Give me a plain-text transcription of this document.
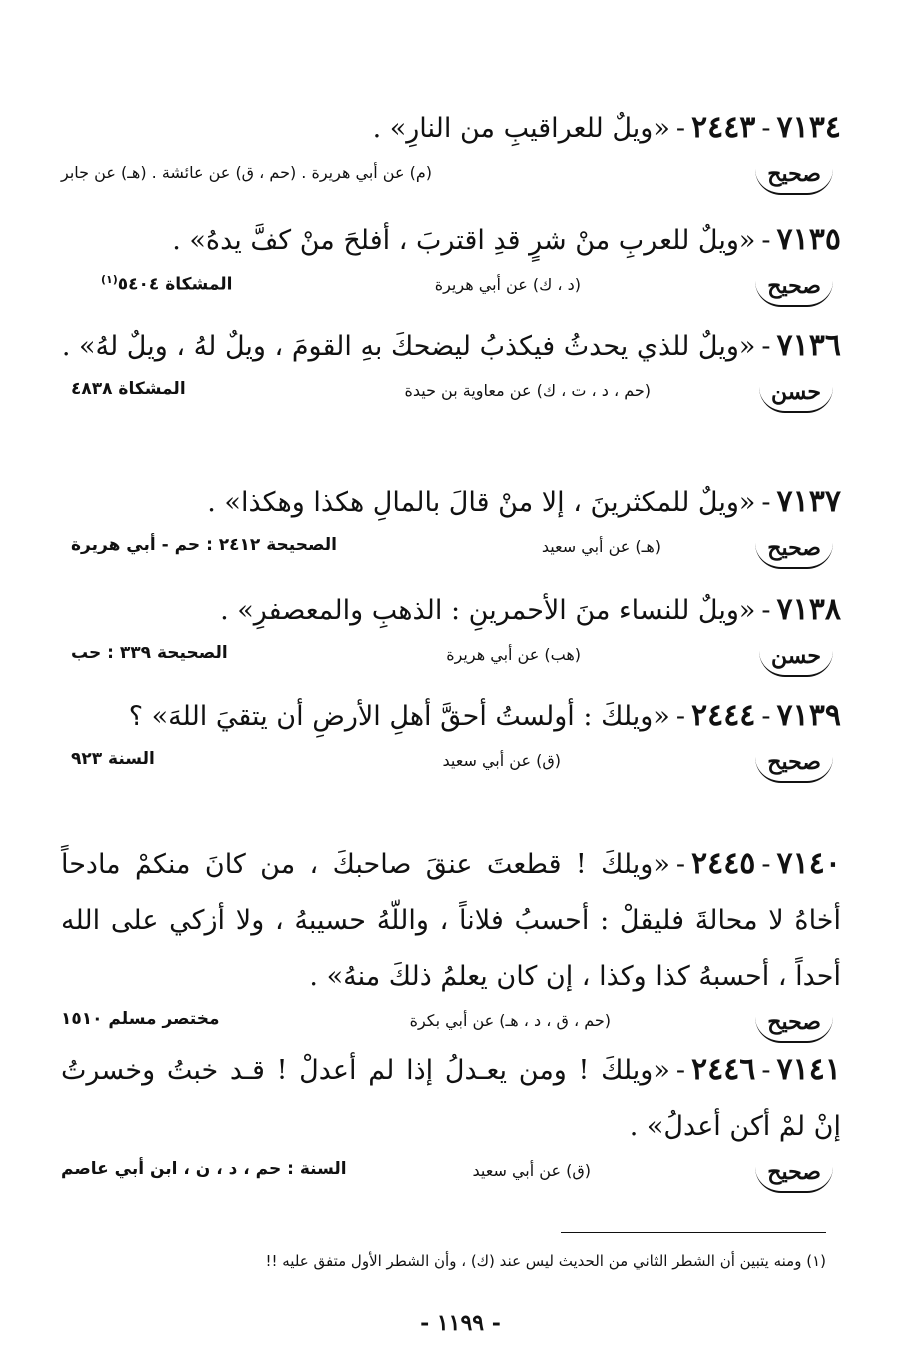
٧١٣٤-٢٤٤٣-«ويلٌ للعراقيبِ من النارِ» .
صحيح
(م) عن أبي هريرة . (حم ، ق) عن عائشة . (هـ) عن جابر
٧١٣٥-«ويلٌ للعربِ منْ شرٍ قدِ اقتربَ ، أفلحَ منْ كفَّ يدهُ» .
صحيح
(د ، ك) عن أبي هريرة
المشكاة ٥٤٠٤$^{(١)}$
٧١٣٦-«ويلٌ للذي يحدثُ فيكذبُ ليضحكَ بهِ القومَ ، ويلٌ لهُ ، ويلٌ لهُ» .
حسن
(حم ، د ، ت ، ك) عن معاوية بن حيدة
المشكاة ٤٨٣٨
٧١٣٧-«ويلٌ للمكثرينَ ، إلا منْ قالَ بالمالِ هكذا وهكذا» .
صحيح
(هـ) عن أبي سعيد
الصحيحة ٢٤١٢ : حم - أبي هريرة
٧١٣٨-«ويلٌ للنساء منَ الأحمرينِ : الذهبِ والمعصفرِ» .
حسن
(هب) عن أبي هريرة
الصحيحة ٣٣٩ : حب
٧١٣٩-٢٤٤٤-«ويلكَ : أولستُ أحقَّ أهلِ الأرضِ أن يتقيَ اللهَ» ؟
صحيح
(ق) عن أبي سعيد
السنة ٩٢٣
٧١٤٠-٢٤٤٥-«ويلكَ ! قطعتَ عنقَ صاحبكَ ، من كانَ منكمْ مادحاً أخاهُ لا محالةَ فليقلْ : أحسبُ فلاناً ، واللّهُ حسيبهُ ، ولا أزكي على الله أحداً ، أحسبهُ كذا وكذا ، إن كان يعلمُ ذلكَ منهُ» .
صحيح
(حم ، ق ، د ، هـ) عن أبي بكرة
مختصر مسلم ١٥١٠
٧١٤١-٢٤٤٦-«ويلكَ ! ومن يعـدلُ إذا لم أعدلْ ! قـد خبتُ وخسرتُ إنْ لمْ أكن أعدلُ» .
صحيح
(ق) عن أبي سعيد
السنة : حم ، د ، ن ، ابن أبي عاصم
(١) ومنه يتبين أن الشطر الثاني من الحديث ليس عند (ك) ، وأن الشطر الأول متفق عليه !!
- ١١٩٩ -
